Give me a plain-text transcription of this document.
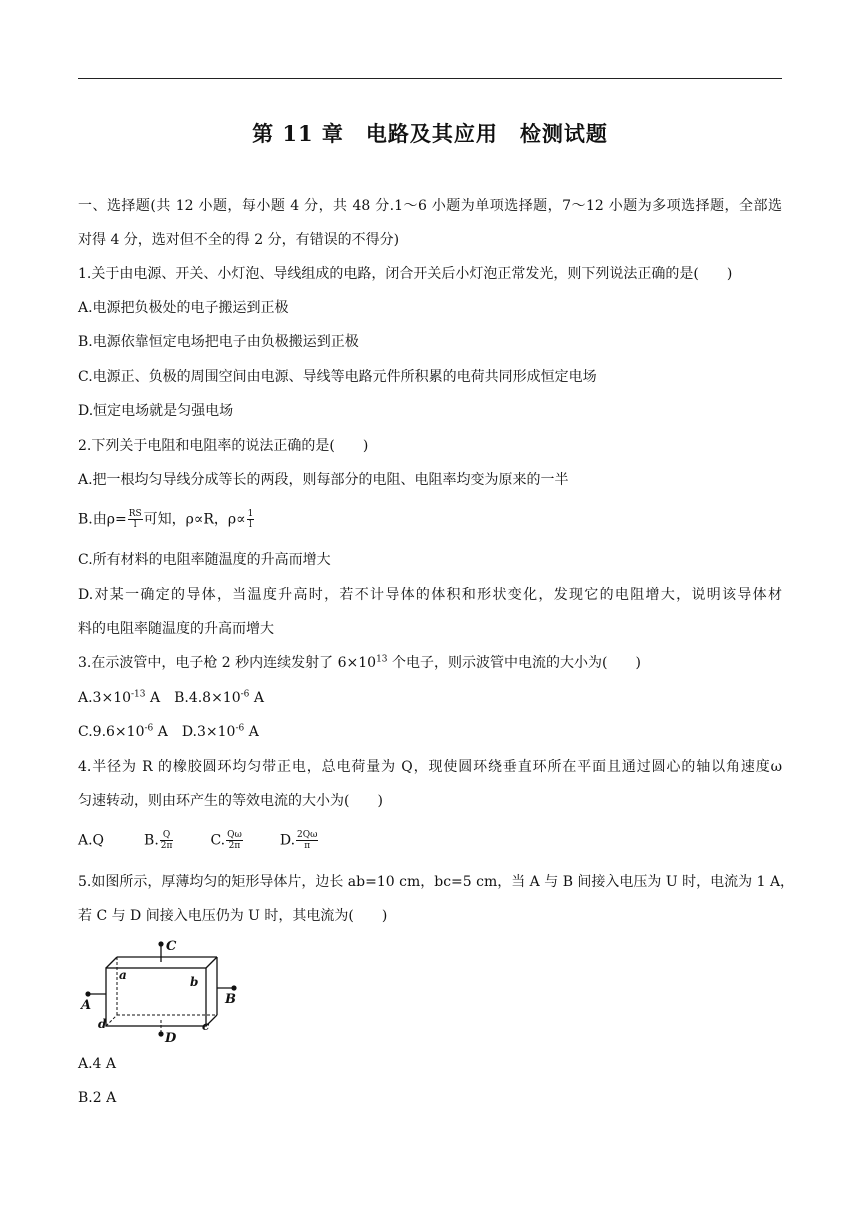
第 11 章　电路及其应用　检测试题
一、选择题(共 12 小题，每小题 4 分，共 48 分.1～6 小题为单项选择题，7～12 小题为多项选择题，全部选
对得 4 分，选对但不全的得 2 分，有错误的不得分)
1.关于由电源、开关、小灯泡、导线组成的电路，闭合开关后小灯泡正常发光，则下列说法正确的是(　　)
A.电源把负极处的电子搬运到正极
B.电源依靠恒定电场把电子由负极搬运到正极
C.电源正、负极的周围空间由电源、导线等电路元件所积累的电荷共同形成恒定电场
D.恒定电场就是匀强电场
2.下列关于电阻和电阻率的说法正确的是(　　)
A.把一根均匀导线分成等长的两段，则每部分的电阻、电阻率均变为原来的一半
B.由$\rho= \frac{RS}{l}$ 可知，ρ∝R，$\rho\propto \frac{1}{l}$
C.所有材料的电阻率随温度的升高而增大
D.对某一确定的导体，当温度升高时，若不计导体的体积和形状变化，发现它的电阻增大，说明该导体材
料的电阻率随温度的升高而增大
3.在示波管中，电子枪 2 秒内连续发射了 $6\times 10^{13}$ 个电子，则示波管中电流的大小为(　　)
$A.3\times 10^{-13}$ A　$B.4.8\times 10^{-6}$ A
$C.9.6\times 10^{-6}$ A　$D.3\times 10^{-6}$ A
4.半径为 R 的橡胶圆环均匀带正电，总电荷量为 Q，现使圆环绕垂直环所在平面且通过圆心的轴以角速度ω
匀速转动，则由环产生的等效电流的大小为(　　)
A.Q	B. $\frac{Q}{2\pi}$	C. $\frac{Q\omega}{2\pi}$	D. $\frac{2Q\omega}{\pi}$
5.如图所示，厚薄均匀的矩形导体片，边长 ab=10 cm，bc=5 cm，当 A 与 B 间接入电压为 U 时，电流为 1 A，
若 C 与 D 间接入电压仍为 U 时，其电流为(　　)
C
D
A	B
a	b
c
d
A.4 A
B.2 A
